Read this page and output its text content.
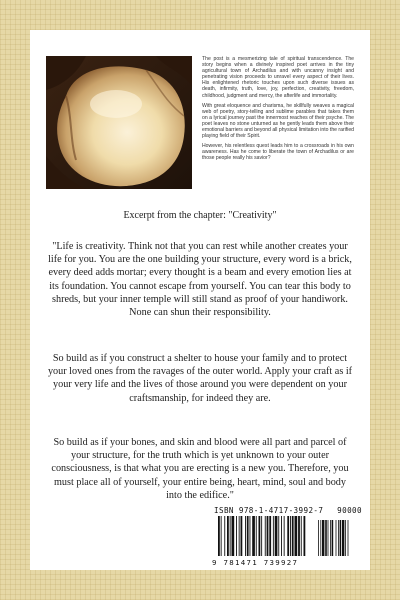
The post is a mesmerizing tale of spiritual transcendence. The story begins when a divinely inspired poet arrives in the tiny agricultural town of Archadilus and with uncanny insight and penetrating vision proceeds to unravel every aspect of their lives. His enlightened rhetoric touches upon such diverse issues as death, infirmity, truth, love, joy, perfection, creativity, freedom, childhood, judgment and mercy, the afterlife and immortality.

With great eloquence and charisma, he skillfully weaves a magical web of poetry, story-telling and sublime parables that takes them on a lyrical journey past the innermost reaches of their psyche. The poet leaves no stone unturned as he gently leads them above their emotional barriers and beyond all physical limitation into the rarified playing field of their Spirit.

However, his relentless quest leads him to a crossroads in his own awareness. Has he come to liberate the town of Archadilus or are those people really his savior?

Excerpt from the chapter: "Creativity"
"Life is creativity. Think not that you can rest while another creates your life for you. You are the one building your structure, every word is a brick, every deed adds mortar; every thought is a beam and every emotion lies at its foundation. You cannot escape from yourself. You can tear this body to shreds, but your inner temple will still stand as proof of your handiwork. None can shun their responsibility.
So build as if you construct a shelter to house your family and to protect your loved ones from the ravages of the outer world. Apply your craft as if your very life and the lives of those around you were dependent on your craftsmanship, for indeed they are.
So build as if your bones, and skin and blood were all part and parcel of your structure, for the truth which is yet unknown to your outer consciousness, is that what you are erecting is a new you. Therefore, you must place all of yourself, your entire being, heart, mind, soul and body into the edifice."
ISBN 978-1-4717-3992-7 90000
9 781471 739927
